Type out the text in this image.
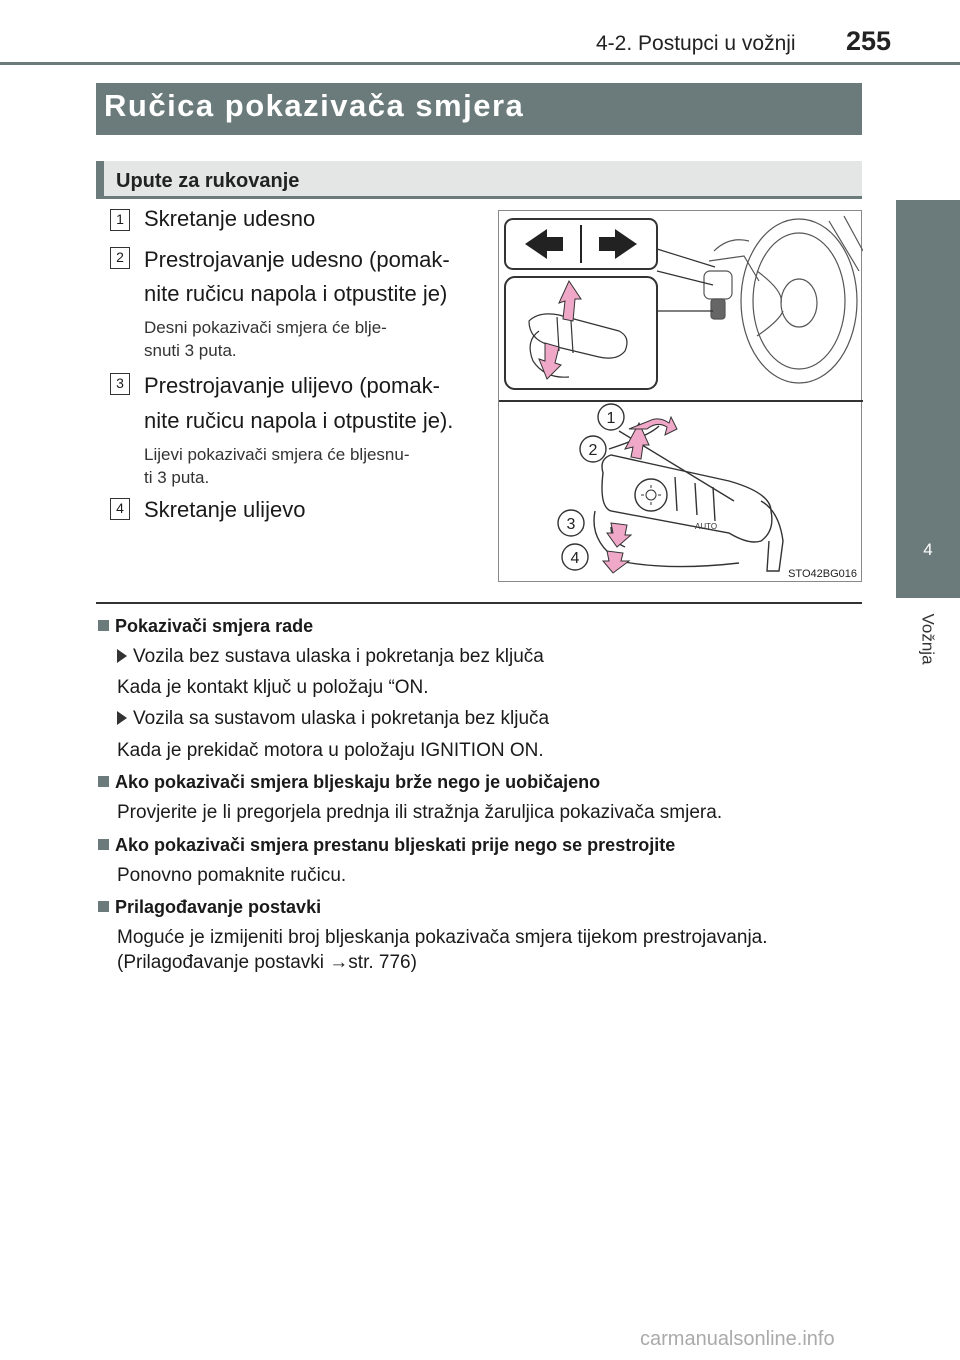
4-2. Postupci u vožnji 255
4
Vožnja
Ručica pokazivača smjera
Upute za rukovanje
1 Skretanje udesno
2 Prestrojavanje udesno (pomak-
nite ručicu napola i otpustite je)
Desni pokazivači smjera će blje-
snuti 3 puta.
3 Prestrojavanje ulijevo (pomak-
nite ručicu napola i otpustite je).
Lijevi pokazivači smjera će bljesnu-
ti 3 puta.
4 Skretanje ulijevo
AUTO
1
2
3
4
STO42BG016
Pokazivači smjera rade
Vozila bez sustava ulaska i pokretanja bez ključa
Kada je kontakt ključ u položaju “ON.
Vozila sa sustavom ulaska i pokretanja bez ključa
Kada je prekidač motora u položaju IGNITION ON.
Ako pokazivači smjera bljeskaju brže nego je uobičajeno
Provjerite je li pregorjela prednja ili stražnja žaruljica pokazivača smjera.
Ako pokazivači smjera prestanu bljeskati prije nego se prestrojite
Ponovno pomaknite ručicu.
Prilagođavanje postavki
Moguće je izmijeniti broj bljeskanja pokazivača smjera tijekom prestrojavanja.
(Prilagođavanje postavki →str. 776)
carmanualsonline.info
